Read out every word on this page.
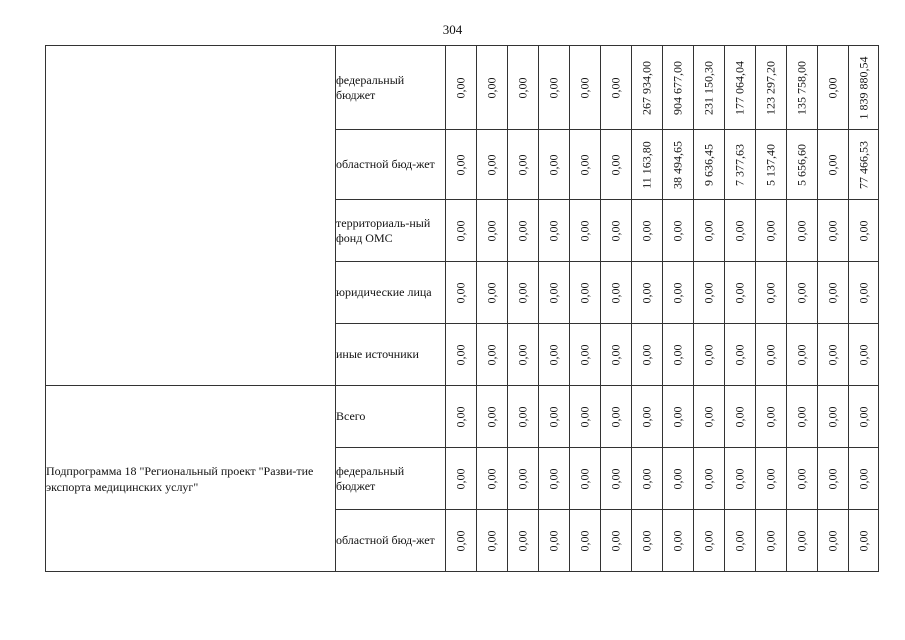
304
	федеральный бюджет	0,00	0,00	0,00	0,00	0,00	0,00	267 934,00	904 677,00	231 150,30	177 064,04	123 297,20	135 758,00	0,00	1 839 880,54

	областной бюд-жет	0,00	0,00	0,00	0,00	0,00	0,00	11 163,80	38 494,65	9 636,45	7 377,63	5 137,40	5 656,60	0,00	77 466,53

	территориаль-ный фонд ОМС	0,00	0,00	0,00	0,00	0,00	0,00	0,00	0,00	0,00	0,00	0,00	0,00	0,00	0,00

	юридические лица	0,00	0,00	0,00	0,00	0,00	0,00	0,00	0,00	0,00	0,00	0,00	0,00	0,00	0,00

	иные источники	0,00	0,00	0,00	0,00	0,00	0,00	0,00	0,00	0,00	0,00	0,00	0,00	0,00	0,00

Подпрограмма 18 "Региональный проект "Разви-тие экспорта медицинских услуг"	Всего	0,00	0,00	0,00	0,00	0,00	0,00	0,00	0,00	0,00	0,00	0,00	0,00	0,00	0,00

	федеральный бюджет	0,00	0,00	0,00	0,00	0,00	0,00	0,00	0,00	0,00	0,00	0,00	0,00	0,00	0,00

	областной бюд-жет	0,00	0,00	0,00	0,00	0,00	0,00	0,00	0,00	0,00	0,00	0,00	0,00	0,00	0,00
